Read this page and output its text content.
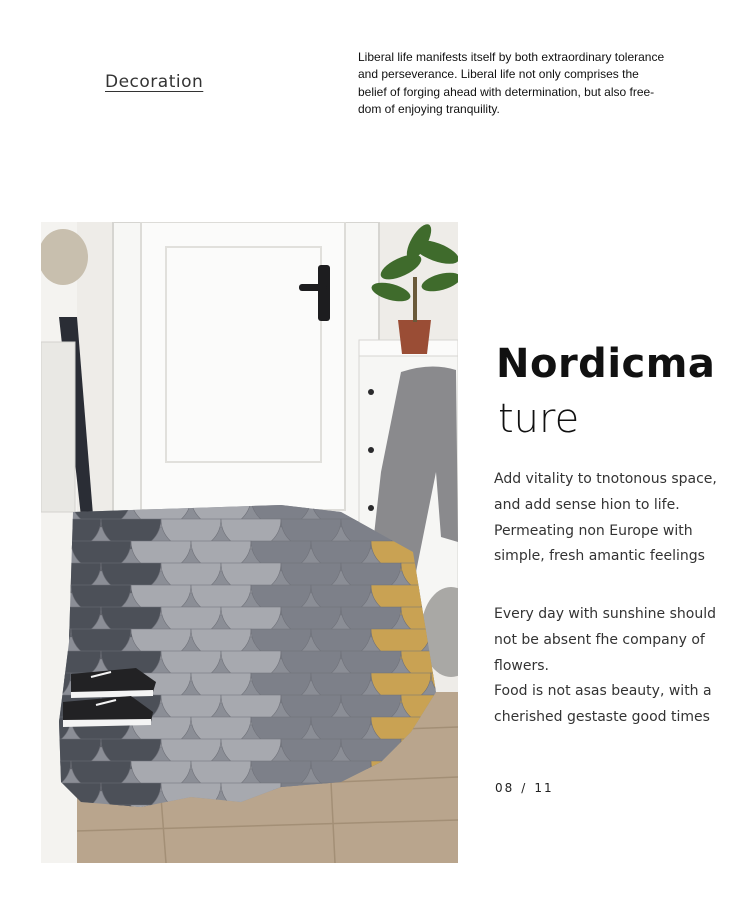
Decoration
Liberal life manifests itself by both extraordinary tolerance
and perseverance. Liberal life not only comprises the
belief of forging ahead with determination, but also free-
dom of enjoying tranquility.
Nordicma
ture
Add vitality to tnotonous space,
and add sense hion to life.
Permeating non Europe with
simple, fresh amantic feelings
Every day with sunshine should
not be absent fhe company of
flowers.
Food is not asas beauty, with a
cherished gestaste good times
08 / 11
